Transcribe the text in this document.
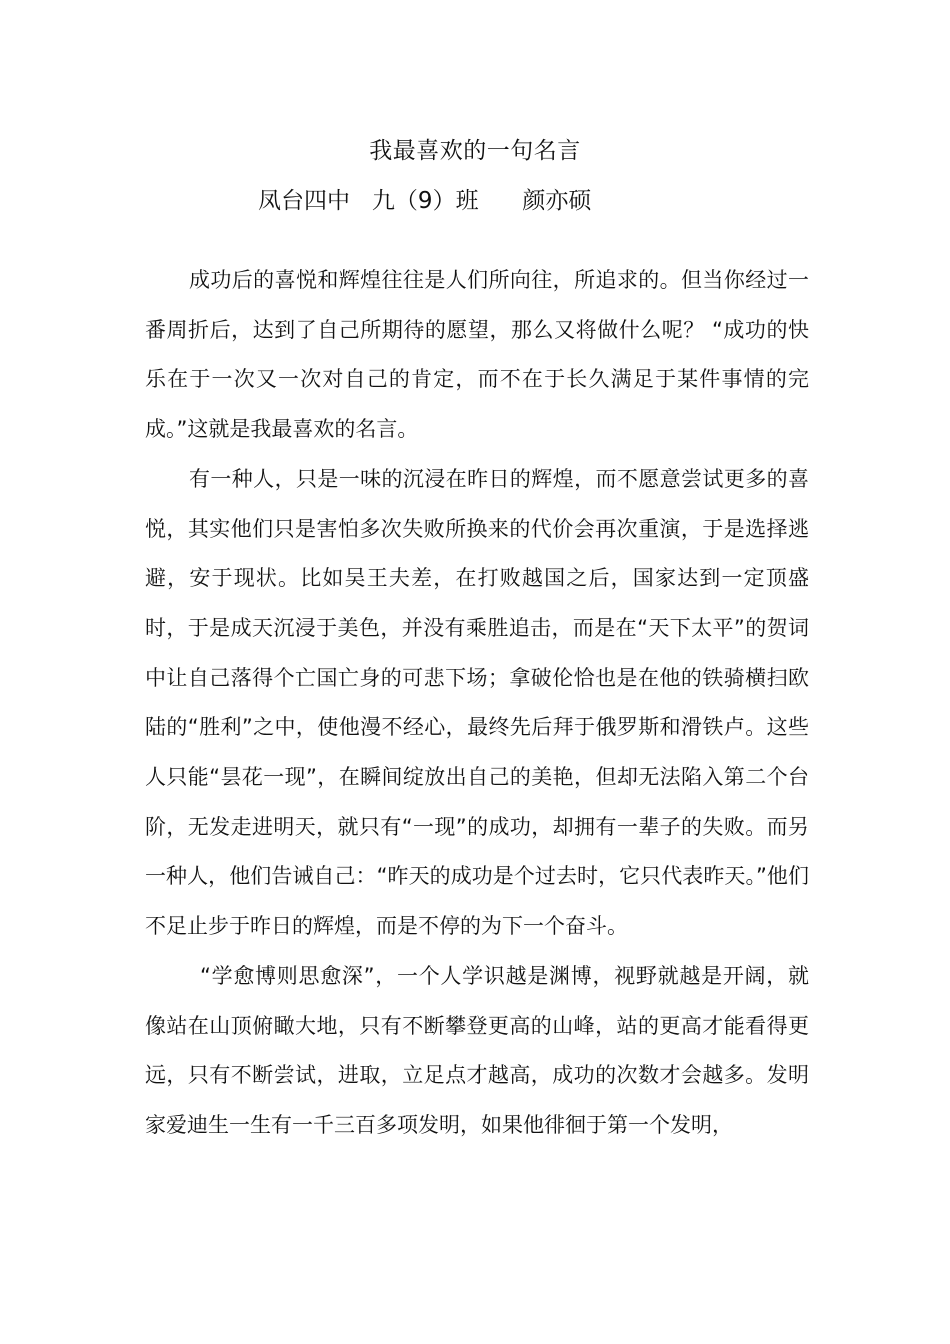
我最喜欢的一句名言
凤台四中   九（9）班      颜亦硕

成功后的喜悦和辉煌往往是人们所向往，所追求的。但当你经过一番周折后，达到了自己所期待的愿望，那么又将做什么呢？ “成功的快乐在于一次又一次对自己的肯定，而不在于长久满足于某件事情的完成。”这就是我最喜欢的名言。

有一种人，只是一味的沉浸在昨日的辉煌，而不愿意尝试更多的喜悦，其实他们只是害怕多次失败所换来的代价会再次重演，于是选择逃避，安于现状。比如吴王夫差，在打败越国之后，国家达到一定顶盛时，于是成天沉浸于美色，并没有乘胜追击，而是在“天下太平”的贺词中让自己落得个亡国亡身的可悲下场；拿破伦恰也是在他的铁骑横扫欧陆的“胜利”之中，使他漫不经心，最终先后拜于俄罗斯和滑铁卢。这些人只能“昙花一现”，在瞬间绽放出自己的美艳，但却无法陷入第二个台阶，无发走进明天，就只有“一现”的成功，却拥有一辈子的失败。而另一种人，他们告诫自己：“昨天的成功是个过去时，它只代表昨天。”他们不足止步于昨日的辉煌，而是不停的为下一个奋斗。

“学愈博则思愈深”，一个人学识越是渊博，视野就越是开阔，就像站在山顶俯瞰大地，只有不断攀登更高的山峰，站的更高才能看得更远，只有不断尝试，进取，立足点才越高，成功的次数才会越多。发明家爱迪生一生有一千三百多项发明，如果他徘徊于第一个发明，
